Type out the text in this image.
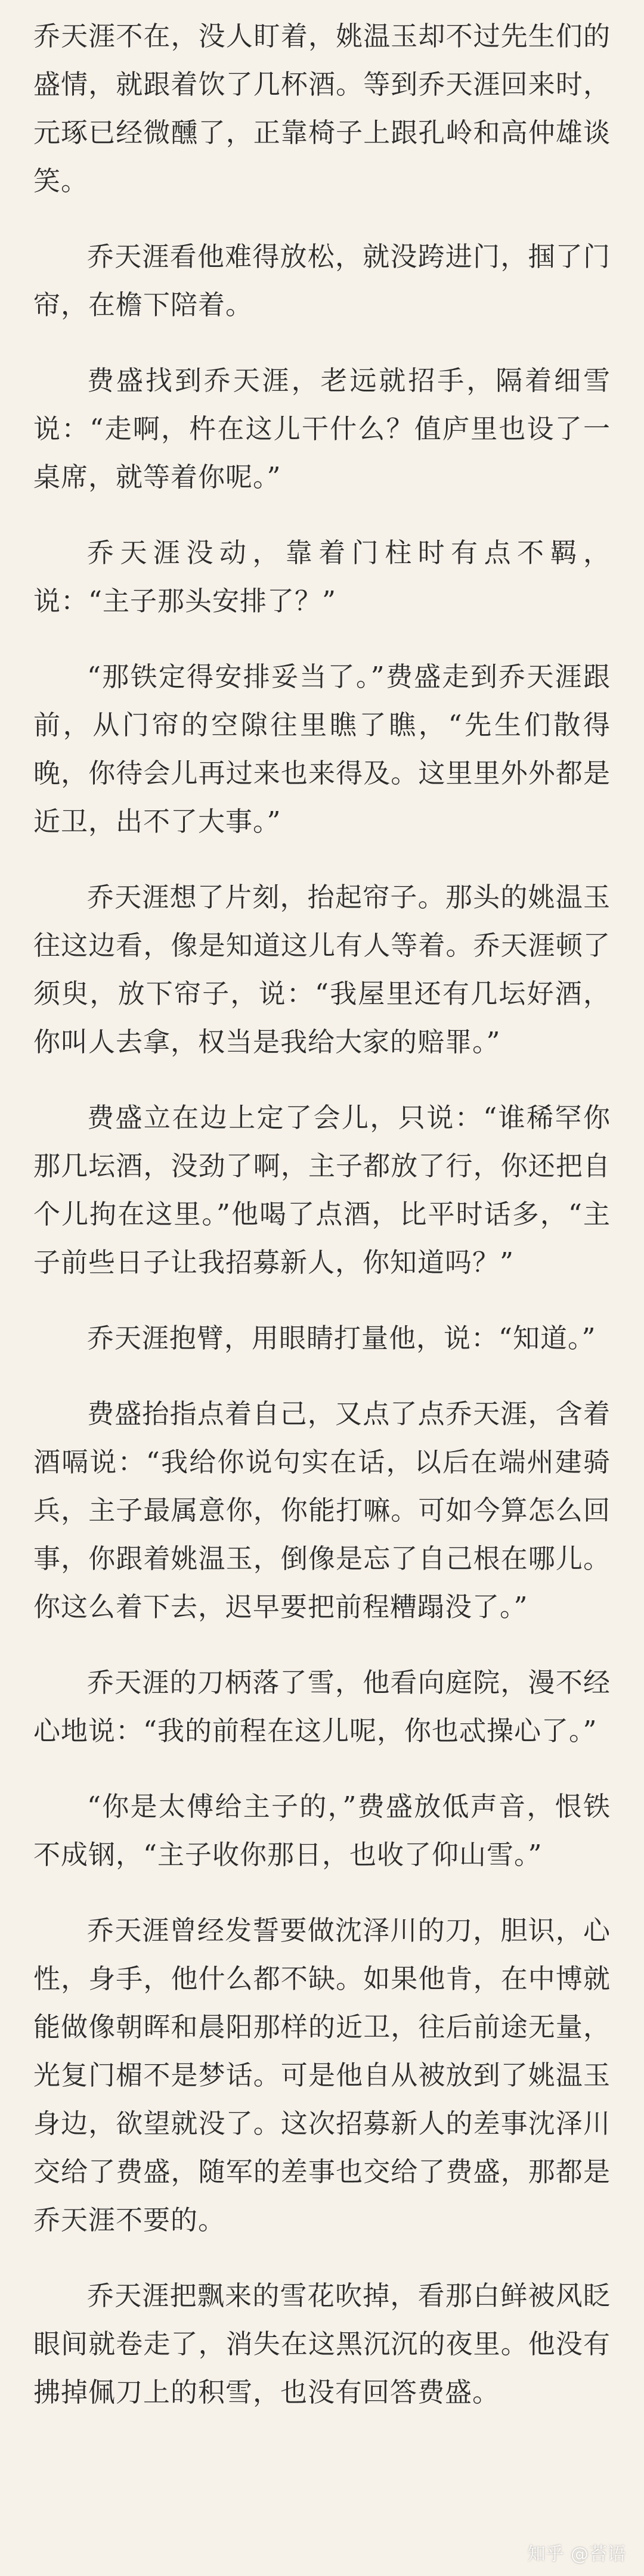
乔天涯不在，没人盯着，姚温玉却不过先生们的盛情，就跟着饮了几杯酒。等到乔天涯回来时，元琢已经微醺了，正靠椅子上跟孔岭和高仲雄谈笑。

乔天涯看他难得放松，就没跨进门，掴了门帘，在檐下陪着。

费盛找到乔天涯，老远就招手，隔着细雪说：“走啊，杵在这儿干什么？值庐里也设了一桌席，就等着你呢。”

乔天涯没动，靠着门柱时有点不羁，说：“主子那头安排了？”

“那铁定得安排妥当了。”费盛走到乔天涯跟前，从门帘的空隙往里瞧了瞧，“先生们散得晚，你待会儿再过来也来得及。这里里外外都是近卫，出不了大事。”

乔天涯想了片刻，抬起帘子。那头的姚温玉往这边看，像是知道这儿有人等着。乔天涯顿了须臾，放下帘子，说：“我屋里还有几坛好酒，你叫人去拿，权当是我给大家的赔罪。”

费盛立在边上定了会儿，只说：“谁稀罕你那几坛酒，没劲了啊，主子都放了行，你还把自个儿拘在这里。”他喝了点酒，比平时话多，“主子前些日子让我招募新人，你知道吗？”

乔天涯抱臂，用眼睛打量他，说：“知道。”

费盛抬指点着自己，又点了点乔天涯，含着酒嗝说：“我给你说句实在话，以后在端州建骑兵，主子最属意你，你能打嘛。可如今算怎么回事，你跟着姚温玉，倒像是忘了自己根在哪儿。你这么着下去，迟早要把前程糟蹋没了。”

乔天涯的刀柄落了雪，他看向庭院，漫不经心地说：“我的前程在这儿呢，你也忒操心了。”

“你是太傅给主子的，”费盛放低声音，恨铁不成钢，“主子收你那日，也收了仰山雪。”

乔天涯曾经发誓要做沈泽川的刀，胆识，心性，身手，他什么都不缺。如果他肯，在中博就能做像朝晖和晨阳那样的近卫，往后前途无量，光复门楣不是梦话。可是他自从被放到了姚温玉身边，欲望就没了。这次招募新人的差事沈泽川交给了费盛，随军的差事也交给了费盛，那都是乔天涯不要的。

乔天涯把飘来的雪花吹掉，看那白鲜被风眨眼间就卷走了，消失在这黑沉沉的夜里。他没有拂掉佩刀上的积雪，也没有回答费盛。

知乎 @苔语
